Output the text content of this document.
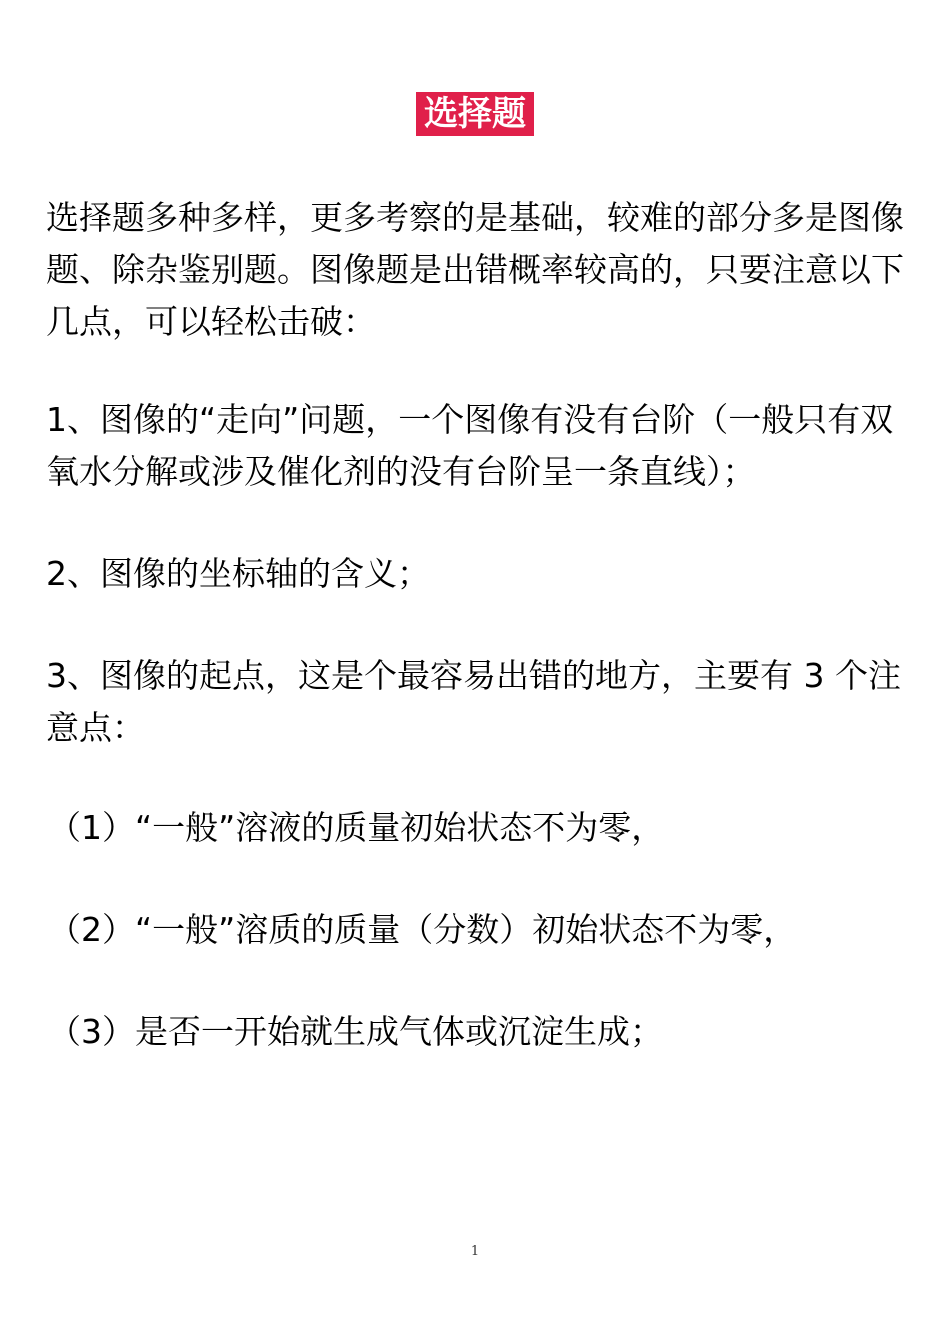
选择题

选择题多种多样，更多考察的是基础，较难的部分多是图像题、除杂鉴别题。图像题是出错概率较高的，只要注意以下几点，可以轻松击破：

1、图像的“走向”问题，一个图像有没有台阶（一般只有双氧水分解或涉及催化剂的没有台阶呈一条直线）；

2、图像的坐标轴的含义；

3、图像的起点，这是个最容易出错的地方，主要有 3 个注意点：

（1）“一般”溶液的质量初始状态不为零，

（2）“一般”溶质的质量（分数）初始状态不为零，

（3）是否一开始就生成气体或沉淀生成；

1
